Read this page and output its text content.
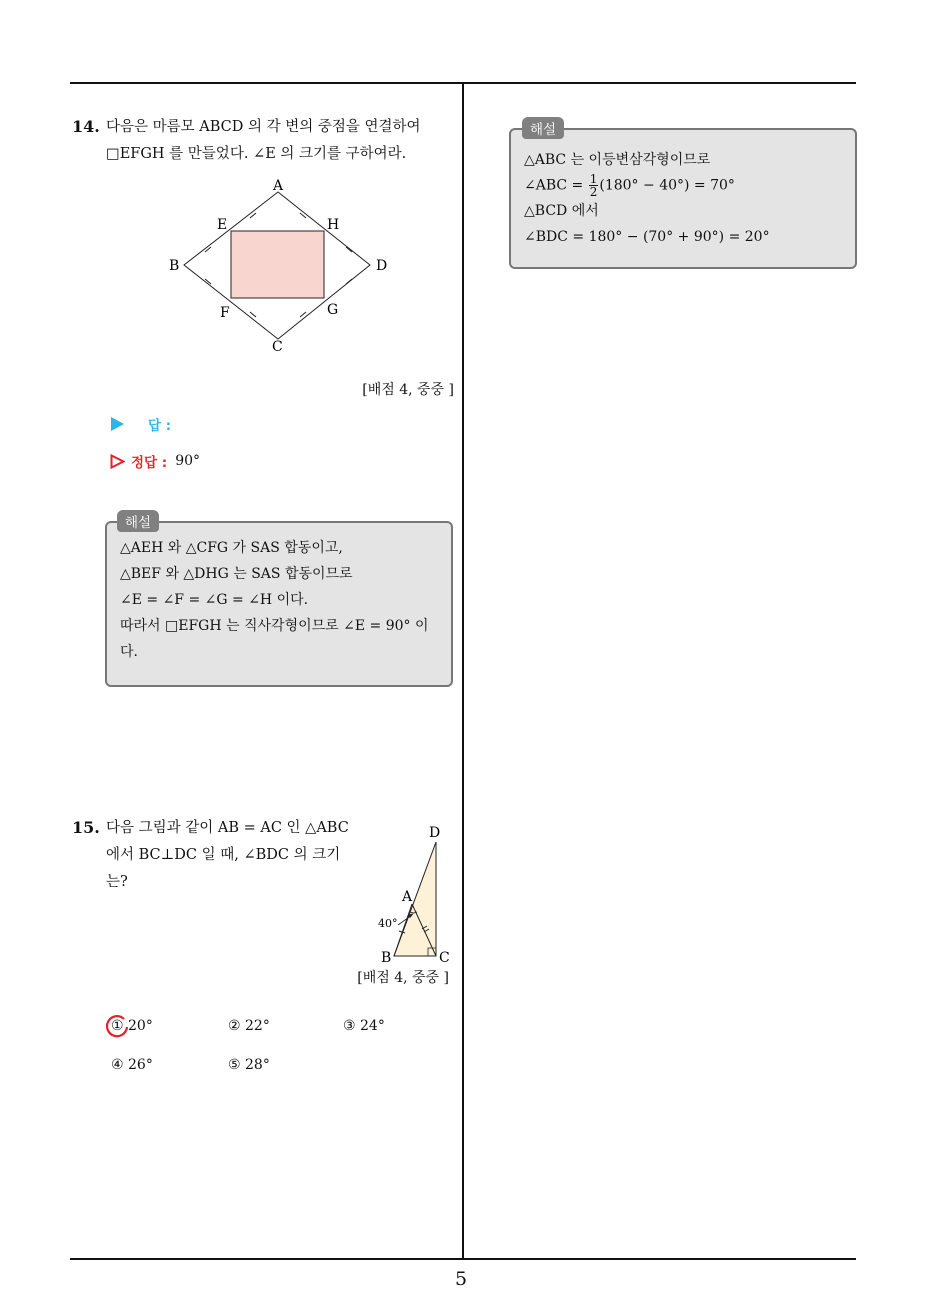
5
14. 다음은 마름모 ABCD 의 각 변의 중점을 연결하여
□EFGH 를 만들었다. ∠E 의 크기를 구하여라.
A
E	H
B	D
F	G
C
[배점 4, 중중 ]
답 :
정답 : 90°
△AEH 와 △CFG 가 SAS 합동이고,
△BEF 와 △DHG 는 SAS 합동이므로
∠E = ∠F = ∠G = ∠H 이다.
따라서 □EFGH 는 직사각형이므로 ∠E = 90° 이
다.
해설
15. 다음 그림과 같이 AB = AC 인 △ABC
에서 BC⊥DC 일 때, ∠BDC 의 크기
는?
D
A
40°
B	C
[배점 4, 중중 ]
① 20°	② 22°	③ 24°
④ 26°	⑤ 28°
△ABC 는 이등변삼각형이므로
∠ABC = $\frac{1}{2} (180^\circ - 40^\circ) = 70^\circ$
△BCD 에서
∠BDC = 180° − (70° + 90°) = 20°
해설
